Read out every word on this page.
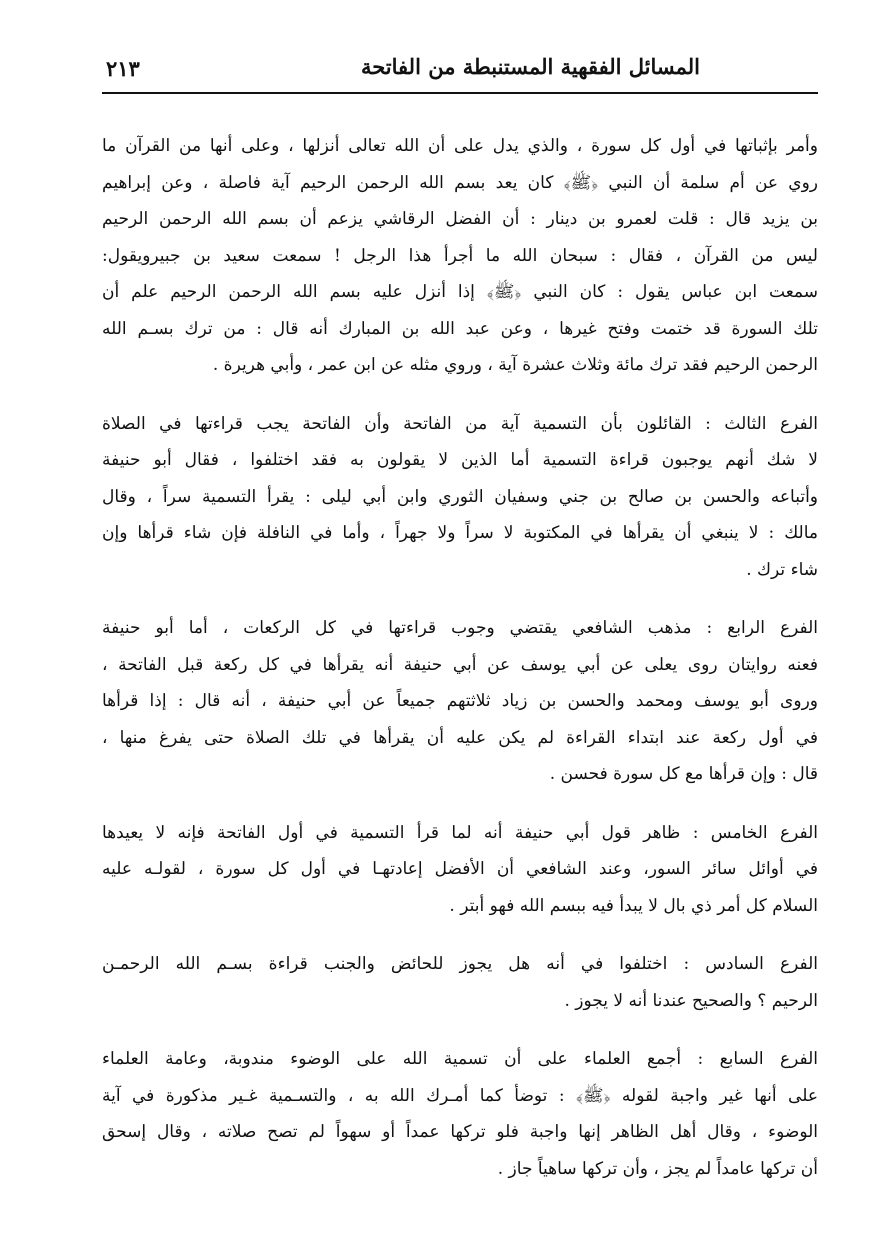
المسائل الفقهية المستنبطة من الفاتحة
٢١٣
وأمر بإثباتها في أول كل سورة ، والذي يدل على أن الله تعالى أنزلها ، وعلى أنها من القرآن ما
روي عن أم سلمة أن النبي ﴿ﷺ﴾ كان يعد بسم الله الرحمن الرحيم آية فاصلة ، وعن إبراهيم
بن يزيد قال : قلت لعمرو بن دينار : أن الفضل الرقاشي يزعم أن بسم الله الرحمن الرحيم
ليس من القرآن ، فقال : سبحان الله ما أجرأ هذا الرجل ! سمعت سعيد بن جبيرويقول:
سمعت ابن عباس يقول : كان النبي ﴿ﷺ﴾ إذا أنزل عليه بسم الله الرحمن الرحيم علم أن
تلك السورة قد ختمت وفتح غيرها ، وعن عبد الله بن المبارك أنه قال : من ترك بسـم الله
الرحمن الرحيم فقد ترك مائة وثلاث عشرة آية ، وروي مثله عن ابن عمر ، وأبي هريرة .
الفرع الثالث : القائلون بأن التسمية آية من الفاتحة وأن الفاتحة يجب قراءتها في الصلاة
لا شك أنهم يوجبون قراءة التسمية أما الذين لا يقولون به فقد اختلفوا ، فقال أبو حنيفة
وأتباعه والحسن بن صالح بن جني وسفيان الثوري وابن أبي ليلى : يقرأ التسمية سراً ، وقال
مالك : لا ينبغي أن يقرأها في المكتوبة لا سراً ولا جهراً ، وأما في النافلة فإن شاء قرأها وإن
شاء ترك .
الفرع الرابع : مذهب الشافعي يقتضي وجوب قراءتها في كل الركعات ، أما أبو حنيفة
فعنه روايتان روى يعلى عن أبي يوسف عن أبي حنيفة أنه يقرأها في كل ركعة قبل الفاتحة ،
وروى أبو يوسف ومحمد والحسن بن زياد ثلاثتهم جميعاً عن أبي حنيفة ، أنه قال : إذا قرأها
في أول ركعة عند ابتداء القراءة لم يكن عليه أن يقرأها في تلك الصلاة حتى يفرغ منها ،
قال : وإن قرأها مع كل سورة فحسن .
الفرع الخامس : ظاهر قول أبي حنيفة أنه لما قرأ التسمية في أول الفاتحة فإنه لا يعيدها
في أوائل سائر السور، وعند الشافعي أن الأفضل إعادتهـا في أول كل سورة ، لقولـه عليه
السلام كل أمر ذي بال لا يبدأ فيه ببسم الله فهو أبتر .
الفرع السادس : اختلفوا في أنه هل يجوز للحائض والجنب قراءة بسـم الله الرحمـن
الرحيم ؟ والصحيح عندنا أنه لا يجوز .
الفرع السابع : أجمع العلماء على أن تسمية الله على الوضوء مندوبة، وعامة العلماء
على أنها غير واجبة لقوله ﴿ﷺ﴾ : توضأ كما أمـرك الله به ، والتسـمية غـير مذكورة في آية
الوضوء ، وقال أهل الظاهر إنها واجبة فلو تركها عمداً أو سهواً لم تصح صلاته ، وقال إسحق
أن تركها عامداً لم يجز ، وأن تركها ساهياً جاز .
